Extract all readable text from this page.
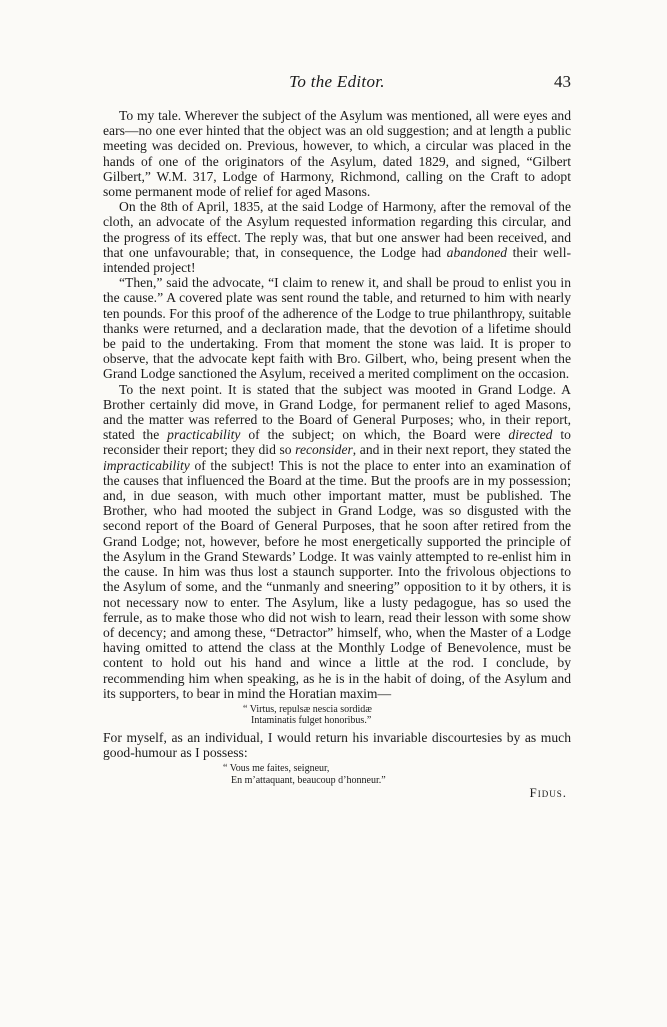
To the Editor.	43

To my tale. Wherever the subject of the Asylum was mentioned, all were eyes and ears—no one ever hinted that the object was an old suggestion; and at length a public meeting was decided on. Previous, however, to which, a circular was placed in the hands of one of the originators of the Asylum, dated 1829, and signed, “Gilbert Gilbert,” W.M. 317, Lodge of Harmony, Richmond, calling on the Craft to adopt some permanent mode of relief for aged Masons.

On the 8th of April, 1835, at the said Lodge of Harmony, after the removal of the cloth, an advocate of the Asylum requested information regarding this circular, and the progress of its effect. The reply was, that but one answer had been received, and that one unfavourable; that, in consequence, the Lodge had abandoned their well-intended project!

“Then,” said the advocate, “I claim to renew it, and shall be proud to enlist you in the cause.” A covered plate was sent round the table, and returned to him with nearly ten pounds. For this proof of the adherence of the Lodge to true philanthropy, suitable thanks were returned, and a declaration made, that the devotion of a lifetime should be paid to the undertaking. From that moment the stone was laid. It is proper to observe, that the advocate kept faith with Bro. Gilbert, who, being present when the Grand Lodge sanctioned the Asylum, received a merited compliment on the occasion.

To the next point. It is stated that the subject was mooted in Grand Lodge. A Brother certainly did move, in Grand Lodge, for permanent relief to aged Masons, and the matter was referred to the Board of General Purposes; who, in their report, stated the practicability of the subject; on which, the Board were directed to reconsider their report; they did so reconsider, and in their next report, they stated the impracticability of the subject! This is not the place to enter into an examination of the causes that influenced the Board at the time. But the proofs are in my possession; and, in due season, with much other important matter, must be published. The Brother, who had mooted the subject in Grand Lodge, was so disgusted with the second report of the Board of General Purposes, that he soon after retired from the Grand Lodge; not, however, before he most energetically supported the principle of the Asylum in the Grand Stewards’ Lodge. It was vainly attempted to re-enlist him in the cause. In him was thus lost a staunch supporter. Into the frivolous objections to the Asylum of some, and the “unmanly and sneering” opposition to it by others, it is not necessary now to enter. The Asylum, like a lusty pedagogue, has so used the ferrule, as to make those who did not wish to learn, read their lesson with some show of decency; and among these, “Detractor” himself, who, when the Master of a Lodge having omitted to attend the class at the Monthly Lodge of Benevolence, must be content to hold out his hand and wince a little at the rod. I conclude, by recommending him when speaking, as he is in the habit of doing, of the Asylum and its supporters, to bear in mind the Horatian maxim—

“ Virtus, repulsæ nescia sordidæ
Intaminatis fulget honoribus.”

For myself, as an individual, I would return his invariable discourtesies by as much good-humour as I possess:

“ Vous me faites, seigneur,
En m’attaquant, beaucoup d’honneur.”
Fidus.
